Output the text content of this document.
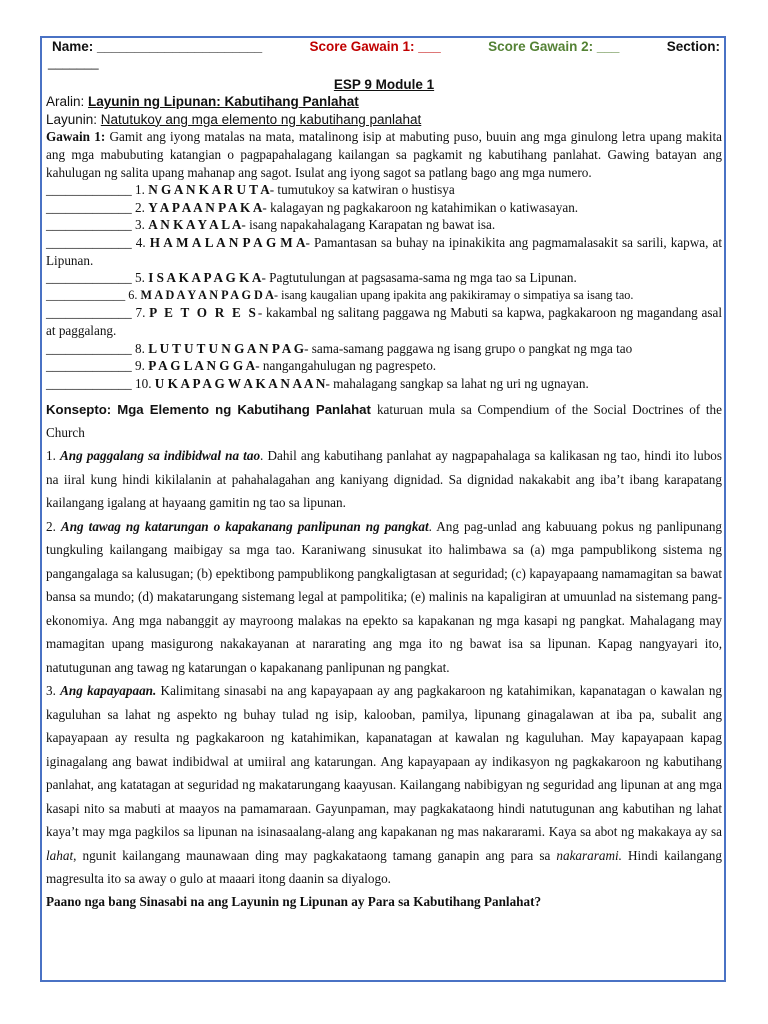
Name: ______________________	Score Gawain 1: ___	Score Gawain 2: ___	Section:
_______
ESP 9 Module 1
Aralin: Layunin ng Lipunan: Kabutihang Panlahat
Layunin: Natutukoy ang mga elemento ng kabutihang panlahat
Gawain 1: Gamit ang iyong matalas na mata, matalinong isip at mabuting puso, buuin ang mga ginulong letra upang makita ang mga mabubuting katangian o pagpapahalagang kailangan sa pagkamit ng kabutihang panlahat. Gawing batayan ang kahulugan ng salita upang mahanap ang sagot. Isulat ang iyong sagot sa patlang bago ang mga numero.
_____________ 1. N G A N K A R U T A- tumutukoy sa katwiran o hustisya
_____________ 2. Y A P A A N P A K A- kalagayan ng pagkakaroon ng katahimikan o katiwasayan.
_____________ 3. A N K A Y A L A- isang napakahalagang Karapatan ng bawat isa.
_____________ 4. H A M A L A N P A G M A- Pamantasan sa buhay na ipinakikita ang pagmamalasakit sa sarili, kapwa, at Lipunan.
_____________ 5. I S A K A P A G K A- Pagtutulungan at pagsasama-sama ng mga tao sa Lipunan.
_____________ 6. M A D A Y A N P A G D A- isang kaugalian upang ipakita ang pakikiramay o simpatiya sa isang tao.
_____________ 7. P E T O R E S- kakambal ng salitang paggawa ng Mabuti sa kapwa, pagkakaroon ng magandang asal at paggalang.
_____________ 8. L U T U T U N G A N P A G- sama-samang paggawa ng isang grupo o pangkat ng mga tao
_____________ 9. P A G L A N G G A- nangangahulugan ng pagrespeto.
_____________ 10. U K A P A G W A K A N A A N- mahalagang sangkap sa lahat ng uri ng ugnayan.
Konsepto: Mga Elemento ng Kabutihang Panlahat katuruan mula sa Compendium of the Social Doctrines of the Church
1. Ang paggalang sa indibidwal na tao. Dahil ang kabutihang panlahat ay nagpapahalaga sa kalikasan ng tao, hindi ito lubos na iiral kung hindi kikilalanin at pahahalagahan ang kaniyang dignidad. Sa dignidad nakakabit ang iba’t ibang karapatang kailangang igalang at hayaang gamitin ng tao sa lipunan.
2. Ang tawag ng katarungan o kapakanang panlipunan ng pangkat. Ang pag-unlad ang kabuuang pokus ng panlipunang tungkuling kailangang maibigay sa mga tao. Karaniwang sinusukat ito halimbawa sa (a) mga pampublikong sistema ng pangangalaga sa kalusugan; (b) epektibong pampublikong pangkaligtasan at seguridad; (c) kapayapaang namamagitan sa bawat bansa sa mundo; (d) makatarungang sistemang legal at pampolitika; (e) malinis na kapaligiran at umuunlad na sistemang pang-ekonomiya. Ang mga nabanggit ay mayroong malakas na epekto sa kapakanan ng mga kasapi ng pangkat. Mahalagang may mamagitan upang masigurong nakakayanan at nararating ang mga ito ng bawat isa sa lipunan. Kapag nangyayari ito, natutugunan ang tawag ng katarungan o kapakanang panlipunan ng pangkat.
3. Ang kapayapaan. Kalimitang sinasabi na ang kapayapaan ay ang pagkakaroon ng katahimikan, kapanatagan o kawalan ng kaguluhan sa lahat ng aspekto ng buhay tulad ng isip, kalooban, pamilya, lipunang ginagalawan at iba pa, subalit ang kapayapaan ay resulta ng pagkakaroon ng katahimikan, kapanatagan at kawalan ng kaguluhan. May kapayapaan kapag iginagalang ang bawat indibidwal at umiiral ang katarungan. Ang kapayapaan ay indikasyon ng pagkakaroon ng kabutihang panlahat, ang katatagan at seguridad ng makatarungang kaayusan. Kailangang nabibigyan ng seguridad ang lipunan at ang mga kasapi nito sa mabuti at maayos na pamamaraan. Gayunpaman, may pagkakataong hindi natutugunan ang kabutihan ng lahat kaya’t may mga pagkilos sa lipunan na isinasaalang-alang ang kapakanan ng mas nakararami. Kaya sa abot ng makakaya ay sa lahat, ngunit kailangang maunawaan ding may pagkakataong tamang ganapin ang para sa nakararami. Hindi kailangang magresulta ito sa away o gulo at maaari itong daanin sa diyalogo.
Paano nga bang Sinasabi na ang Layunin ng Lipunan ay Para sa Kabutihang Panlahat?
